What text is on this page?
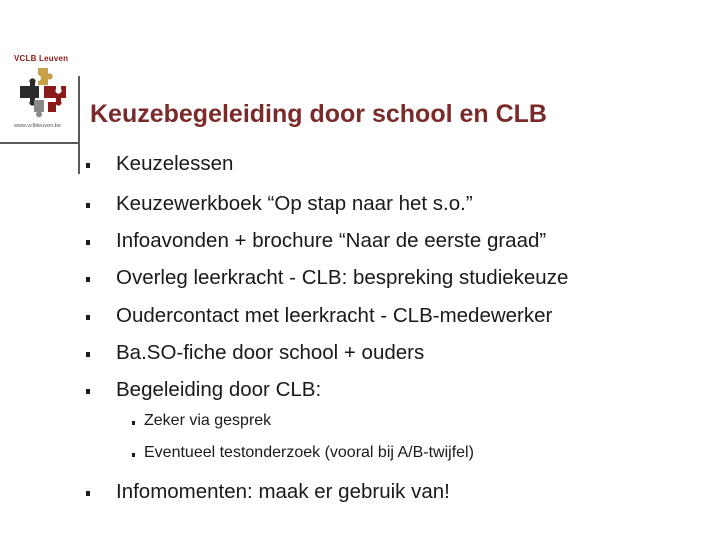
VCLB Leuven
www.vclbleuven.be Keuzebegeleiding door school en CLB
Keuzelessen
Keuzewerkboek “Op stap naar het s.o.”
Infoavonden + brochure “Naar de eerste graad”
Overleg leerkracht - CLB: bespreking studiekeuze
Oudercontact met leerkracht - CLB-medewerker
Ba.SO-fiche door school + ouders
Begeleiding door CLB:
Zeker via gesprek
Eventueel testonderzoek (vooral bij A/B-twijfel)
Infomomenten: maak er gebruik van!
